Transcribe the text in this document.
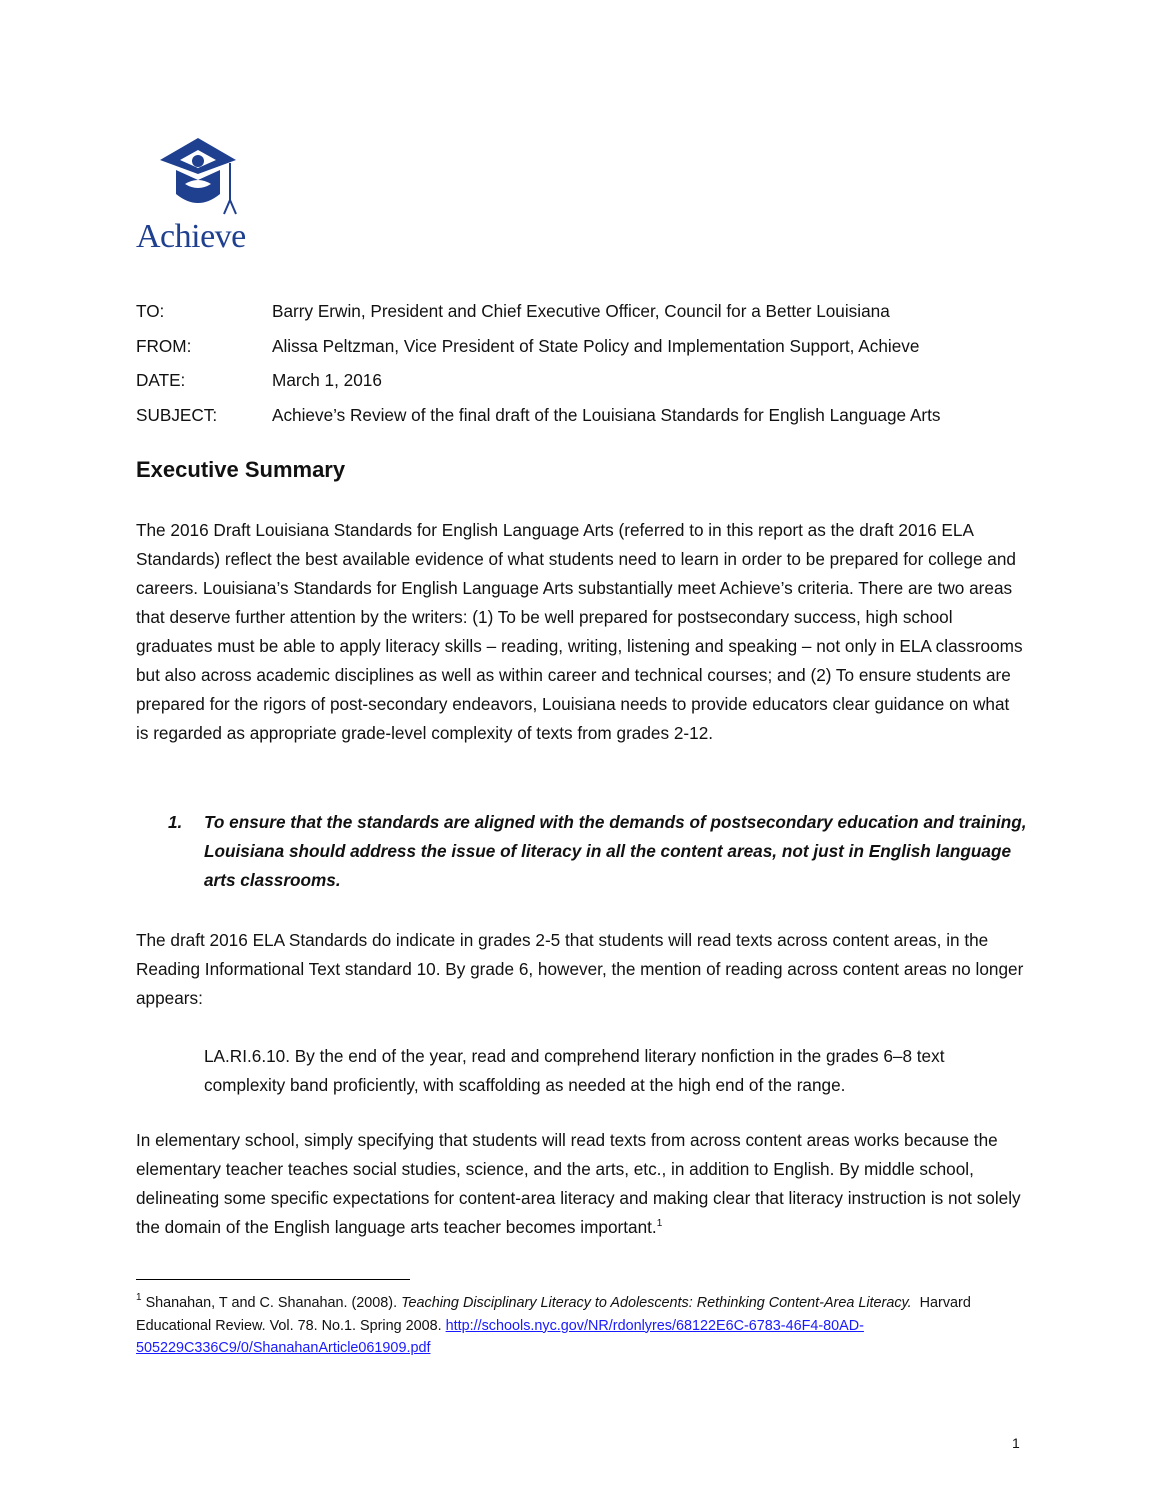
Achieve
TO:	Barry Erwin, President and Chief Executive Officer, Council for a Better Louisiana
FROM:	Alissa Peltzman, Vice President of State Policy and Implementation Support, Achieve
DATE:	March 1, 2016
SUBJECT:	Achieve’s Review of the final draft of the Louisiana Standards for English Language Arts
Executive Summary

The 2016 Draft Louisiana Standards for English Language Arts (referred to in this report as the draft 2016 ELA Standards) reflect the best available evidence of what students need to learn in order to be prepared for college and careers. Louisiana’s Standards for English Language Arts substantially meet Achieve’s criteria. There are two areas that deserve further attention by the writers: (1) To be well prepared for postsecondary success, high school graduates must be able to apply literacy skills – reading, writing, listening and speaking – not only in ELA classrooms but also across academic disciplines as well as within career and technical courses; and (2) To ensure students are prepared for the rigors of post-secondary endeavors, Louisiana needs to provide educators clear guidance on what is regarded as appropriate grade-level complexity of texts from grades 2-12.

1. To ensure that the standards are aligned with the demands of postsecondary education and training, Louisiana should address the issue of literacy in all the content areas, not just in English language arts classrooms.

The draft 2016 ELA Standards do indicate in grades 2-5 that students will read texts across content areas, in the Reading Informational Text standard 10. By grade 6, however, the mention of reading across content areas no longer appears:

LA.RI.6.10. By the end of the year, read and comprehend literary nonfiction in the grades 6–8 text complexity band proficiently, with scaffolding as needed at the high end of the range.

In elementary school, simply specifying that students will read texts from across content areas works because the elementary teacher teaches social studies, science, and the arts, etc., in addition to English. By middle school, delineating some specific expectations for content-area literacy and making clear that literacy instruction is not solely the domain of the English language arts teacher becomes important.$^1$

$^1$ Shanahan, T and C. Shanahan. (2008). Teaching Disciplinary Literacy to Adolescents: Rethinking Content-Area Literacy. Harvard Educational Review. Vol. 78. No.1. Spring 2008. http://schools.nyc.gov/NR/rdonlyres/68122E6C-6783-46F4-80AD-505229C336C9/0/ShanahanArticle061909.pdf
1
